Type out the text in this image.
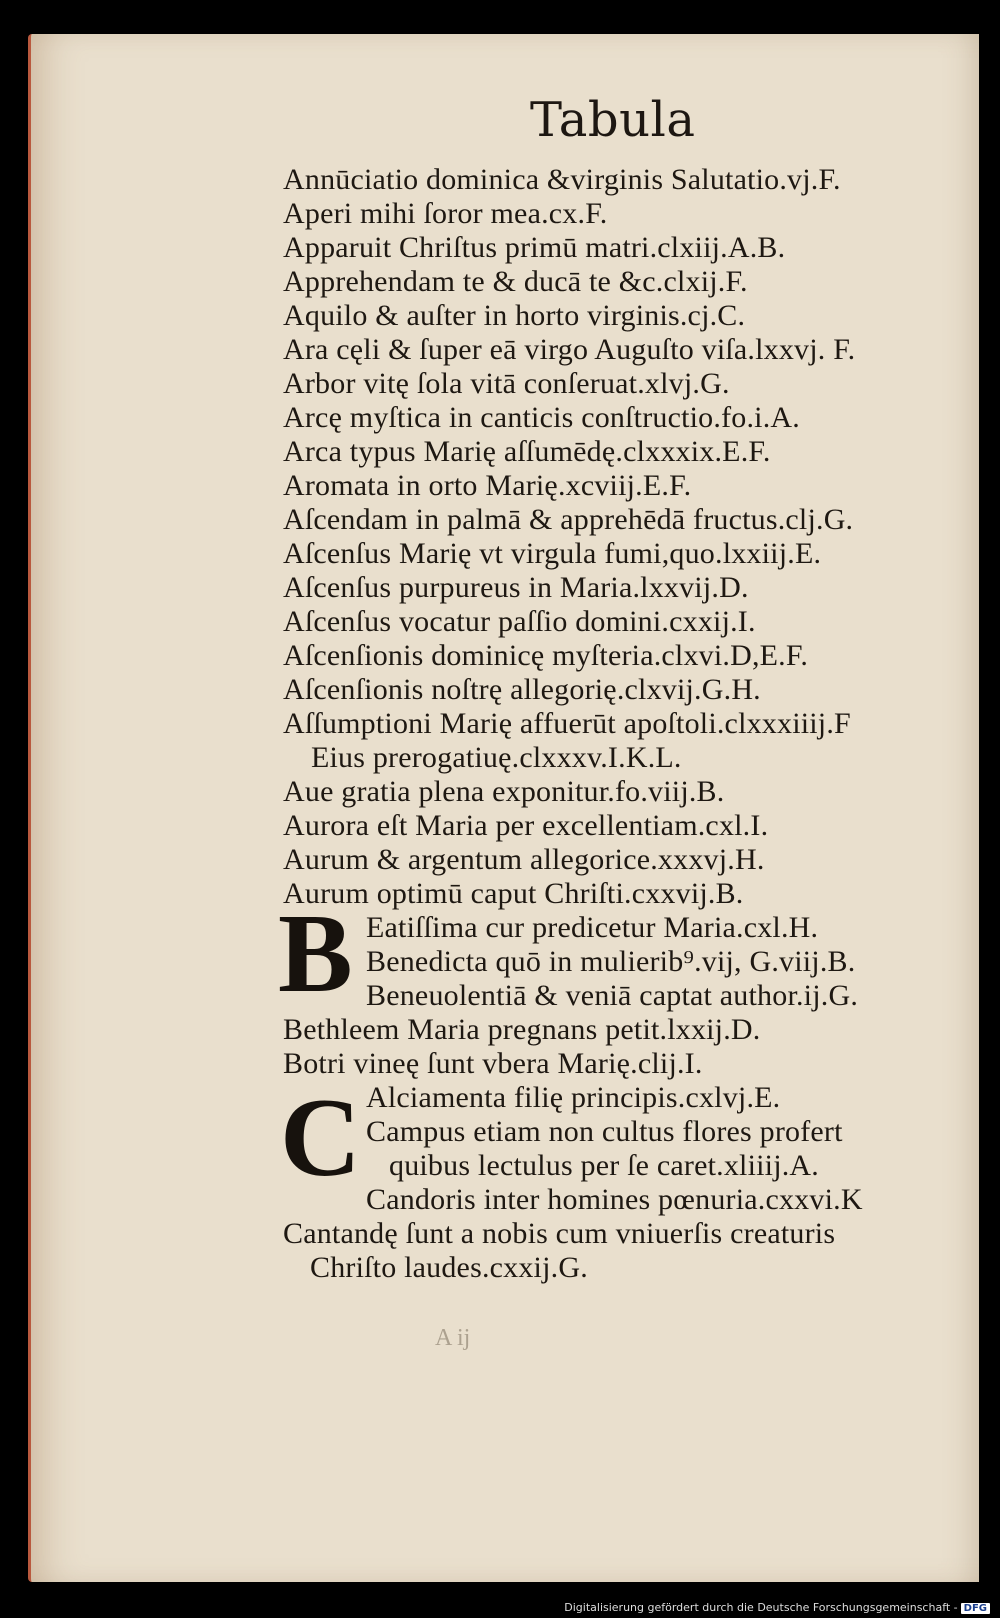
Tabula
Annūciatio dominica &virginis Salutatio.vj.F.
Aperi mihi ſoror mea.cx.F.
Apparuit Chriſtus primū matri.clxiij.A.B.
Apprehendam te & ducā te &c.clxij.F.
Aquilo & auſter in horto virginis.cj.C.
Ara cęli & ſuper eā virgo Auguſto viſa.lxxvj. F.
Arbor vitę ſola vitā conſeruat.xlvj.G.
Arcę myſtica in canticis conſtructio.fo.i.A.
Arca typus Marię aſſumēdę.clxxxix.E.F.
Aromata in orto Marię.xcviij.E.F.
Aſcendam in palmā & apprehēdā fructus.clj.G.
Aſcenſus Marię vt virgula fumi,quo.lxxiij.E.
Aſcenſus purpureus in Maria.lxxvij.D.
Aſcenſus vocatur paſſio domini.cxxij.I.
Aſcenſionis dominicę myſteria.clxvi.D,E.F.
Aſcenſionis noſtrę allegorię.clxvij.G.H.
Aſſumptioni Marię affuerūt apoſtoli.clxxxiiij.F
Eius prerogatiuę.clxxxv.I.K.L.
Aue gratia plena exponitur.fo.viij.B.
Aurora eſt Maria per excellentiam.cxl.I.
Aurum & argentum allegorice.xxxvj.H.
Aurum optimū caput Chriſti.cxxvij.B.
B Eatiſſima cur predicetur Maria.cxl.H.
Benedicta quō in mulierib⁹.vij, G.viij.B.
Beneuolentiā & veniā captat author.ij.G.
Bethleem Maria pregnans petit.lxxij.D.
Botri vineę ſunt vbera Marię.clij.I.
C Alciamenta filię principis.cxlvj.E.
Campus etiam non cultus flores profert
quibus lectulus per ſe caret.xliiij.A.
Candoris inter homines pœnuria.cxxvi.K
Cantandę ſunt a nobis cum vniuerſis creaturis
Chriſto laudes.cxxij.G.
A ij
Digitalisierung gefördert durch die Deutsche Forschungsgemeinschaft - DFG
